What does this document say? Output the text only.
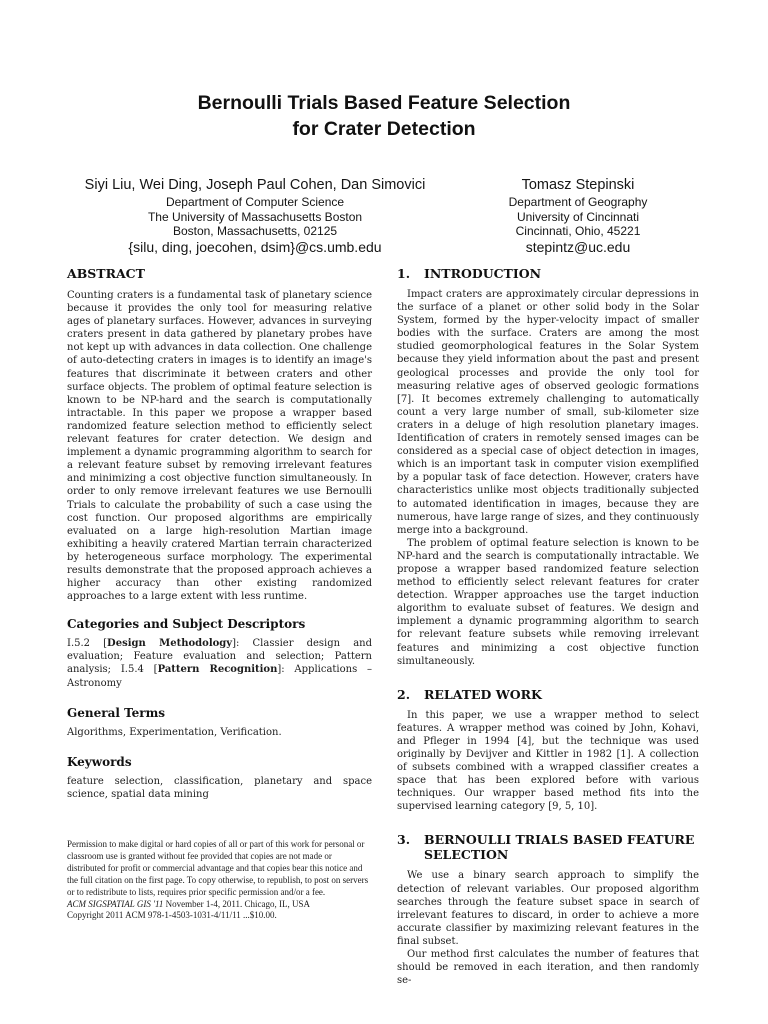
Bernoulli Trials Based Feature Selection
for Crater Detection
Siyi Liu, Wei Ding, Joseph Paul Cohen, Dan Simovici
Department of Computer Science
The University of Massachusetts Boston
Boston, Massachusetts, 02125
{silu, ding, joecohen, dsim}@cs.umb.edu
Tomasz Stepinski
Department of Geography
University of Cincinnati
Cincinnati, Ohio, 45221
stepintz@uc.edu
ABSTRACT

Counting craters is a fundamental task of planetary science because it provides the only tool for measuring relative ages of planetary surfaces. However, advances in surveying craters present in data gathered by planetary probes have not kept up with advances in data collection. One challenge of auto-detecting craters in images is to identify an image's features that discriminate it between craters and other surface objects. The problem of optimal feature selection is known to be NP-hard and the search is computationally intractable. In this paper we propose a wrapper based randomized feature selection method to efficiently select relevant features for crater detection. We design and implement a dynamic programming algorithm to search for a relevant feature subset by removing irrelevant features and minimizing a cost objective function simultaneously. In order to only remove irrelevant features we use Bernoulli Trials to calculate the probability of such a case using the cost function. Our proposed algorithms are empirically evaluated on a large high-resolution Martian image exhibiting a heavily cratered Martian terrain characterized by heterogeneous surface morphology. The experimental results demonstrate that the proposed approach achieves a higher accuracy than other existing randomized approaches to a large extent with less runtime.

Categories and Subject Descriptors

I.5.2 [Design Methodology]: Classier design and evaluation; Feature evaluation and selection; Pattern analysis; I.5.4 [Pattern Recognition]: Applications – Astronomy

General Terms

Algorithms, Experimentation, Verification.

Keywords

feature selection, classification, planetary and space science, spatial data mining

Permission to make digital or hard copies of all or part of this work for personal or classroom use is granted without fee provided that copies are not made or distributed for profit or commercial advantage and that copies bear this notice and the full citation on the first page. To copy otherwise, to republish, to post on servers or to redistribute to lists, requires prior specific permission and/or a fee.
ACM SIGSPATIAL GIS '11 November 1-4, 2011. Chicago, IL, USA
Copyright 2011 ACM 978-1-4503-1031-4/11/11 ...$10.00.
1. INTRODUCTION

Impact craters are approximately circular depressions in the surface of a planet or other solid body in the Solar System, formed by the hyper-velocity impact of smaller bodies with the surface. Craters are among the most studied geomorphological features in the Solar System because they yield information about the past and present geological processes and provide the only tool for measuring relative ages of observed geologic formations [7]. It becomes extremely challenging to automatically count a very large number of small, sub-kilometer size craters in a deluge of high resolution planetary images. Identification of craters in remotely sensed images can be considered as a special case of object detection in images, which is an important task in computer vision exemplified by a popular task of face detection. However, craters have characteristics unlike most objects traditionally subjected to automated identification in images, because they are numerous, have large range of sizes, and they continuously merge into a background.

The problem of optimal feature selection is known to be NP-hard and the search is computationally intractable. We propose a wrapper based randomized feature selection method to efficiently select relevant features for crater detection. Wrapper approaches use the target induction algorithm to evaluate subset of features. We design and implement a dynamic programming algorithm to search for relevant feature subsets while removing irrelevant features and minimizing a cost objective function simultaneously.

2. RELATED WORK

In this paper, we use a wrapper method to select features. A wrapper method was coined by John, Kohavi, and Pfleger in 1994 [4], but the technique was used originally by Devijver and Kittler in 1982 [1]. A collection of subsets combined with a wrapped classifier creates a space that has been explored before with various techniques. Our wrapper based method fits into the supervised learning category [9, 5, 10].

3.	BERNOULLI TRIALS BASED FEATURE
SELECTION

We use a binary search approach to simplify the detection of relevant variables. Our proposed algorithm searches through the feature subset space in search of irrelevant features to discard, in order to achieve a more accurate classifier by maximizing relevant features in the final subset.

Our method first calculates the number of features that should be removed in each iteration, and then randomly se-
